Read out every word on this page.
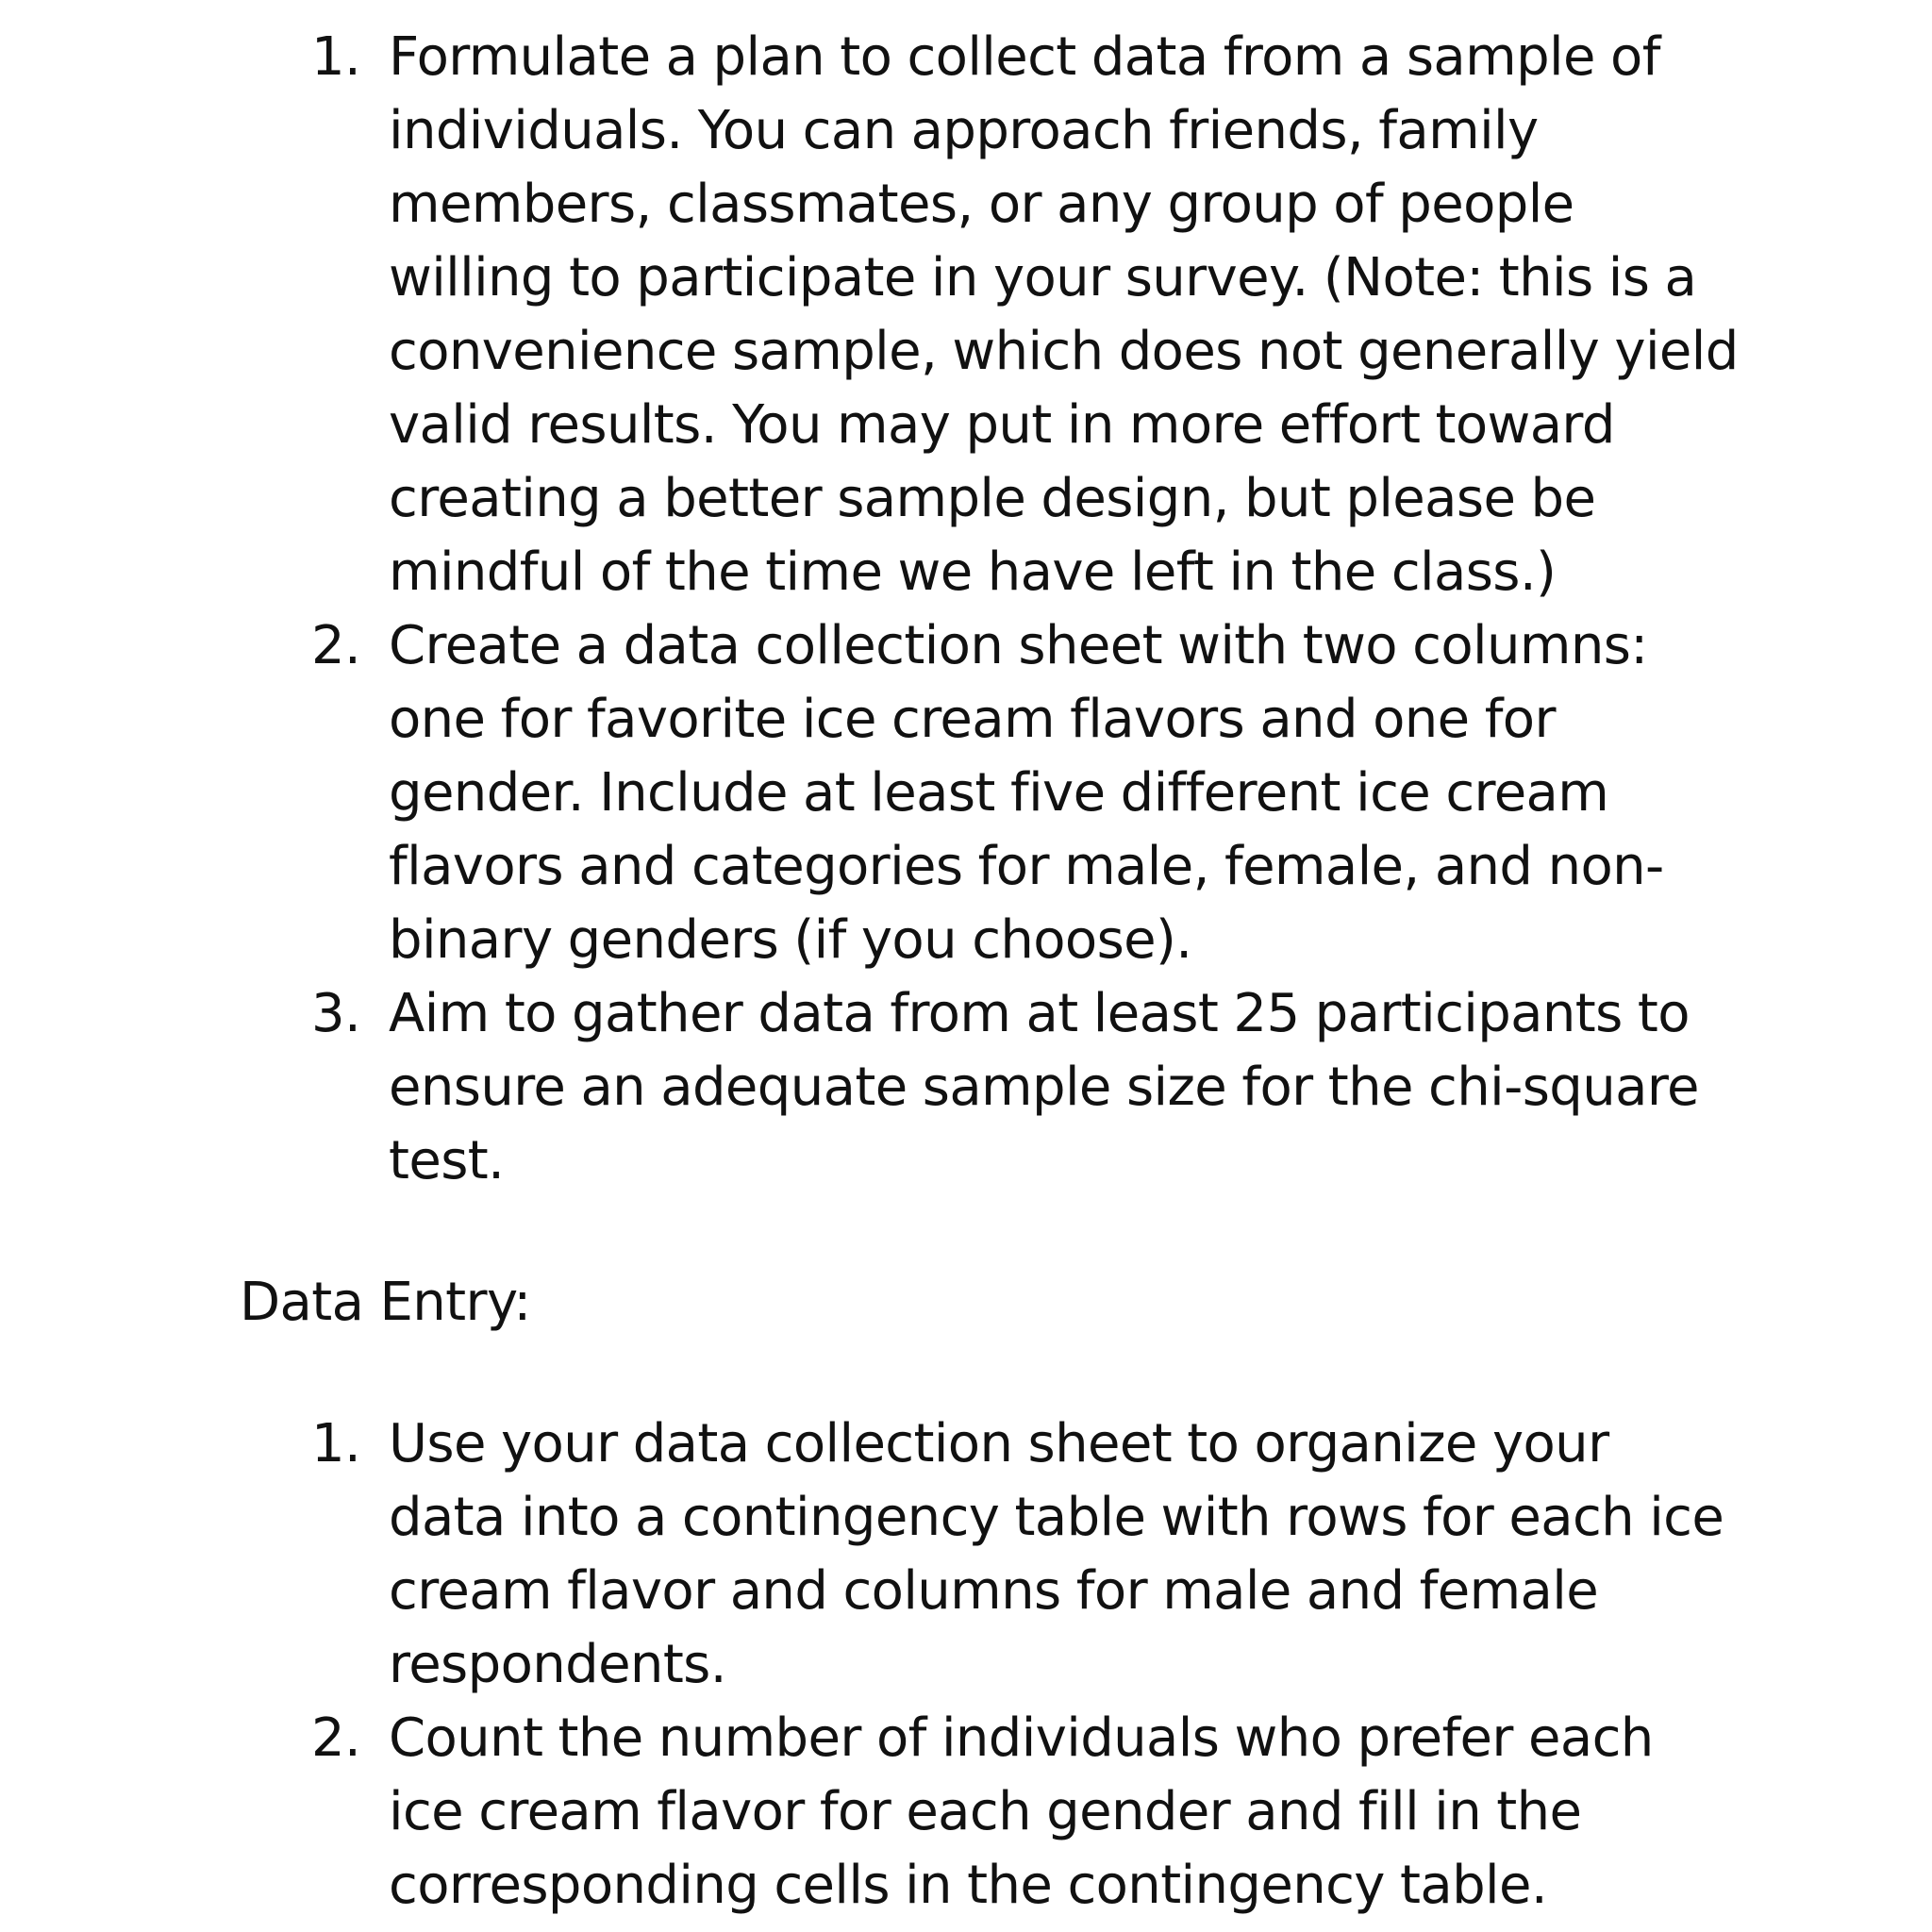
1. Formulate a plan to collect data from a sample of
individuals. You can approach friends, family
members, classmates, or any group of people
willing to participate in your survey. (Note: this is a
convenience sample, which does not generally yield
valid results. You may put in more effort toward
creating a better sample design, but please be
mindful of the time we have left in the class.)
2. Create a data collection sheet with two columns:
one for favorite ice cream flavors and one for
gender. Include at least five different ice cream
flavors and categories for male, female, and non-
binary genders (if you choose).
3. Aim to gather data from at least 25 participants to
ensure an adequate sample size for the chi-square
test.
Data Entry:
1. Use your data collection sheet to organize your
data into a contingency table with rows for each ice
cream flavor and columns for male and female
respondents.
2. Count the number of individuals who prefer each
ice cream flavor for each gender and fill in the
corresponding cells in the contingency table.
